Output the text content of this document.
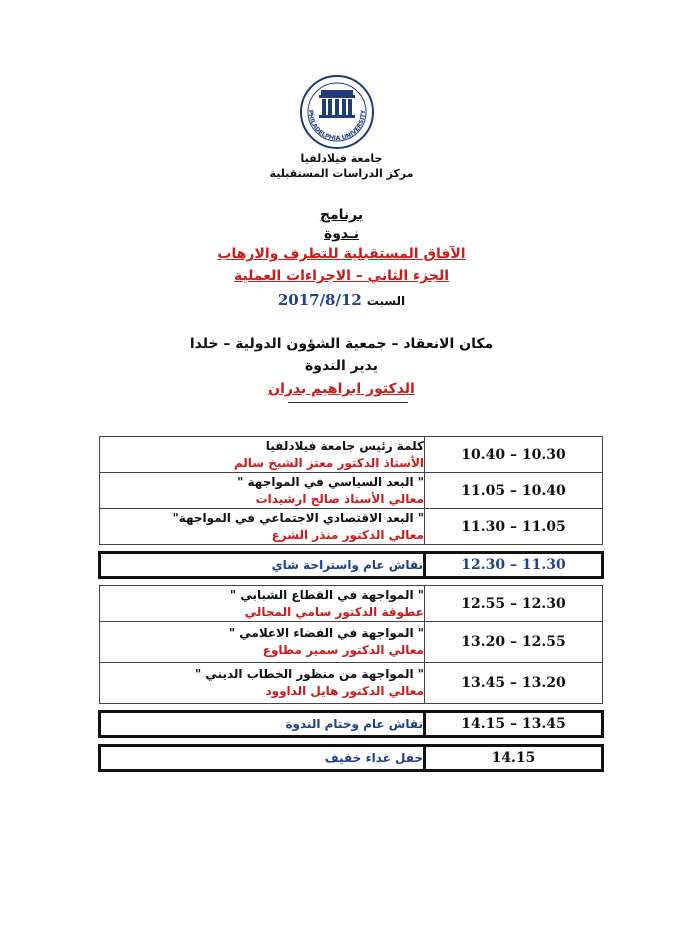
PHILADELPHIA UNIVERSITY
جامعة فيلادلفيا
مركز الدراسات المستقبلية
برنامج
نـدوة
الآفاق المستقبلية للتطرف والارهاب
الجزء الثاني – الاجراءات العملية
السبت 2017/8/12
مكان الانعقاد – جمعية الشؤون الدولية – خلدا
يدير الندوة
الدكتور ابراهيم بدران
كلمة رئيس جامعة فيلادلفيا
الأستاذ الدكتور معتز الشيخ سالم	10.40 – 10.30

" البعد السياسي في المواجهة "
معالي الأستاذ صالح ارشيدات	11.05 – 10.40

" البعد الاقتصادي الاجتماعي في المواجهة"
معالي الدكتور منذر الشرع	11.30 – 11.05

نقاش عام واستراحة شاي	12.30 – 11.30

" المواجهة في القطاع الشبابي "
عطوفة الدكتور سامي المجالي	12.55 – 12.30

" المواجهة في الفضاء الاعلامي "
معالي الدكتور سمير مطاوع	13.20 – 12.55

" المواجهة من منظور الخطاب الديني "
معالي الدكتور هايل الداوود	13.45 – 13.20

نقاش عام وختام الندوة	14.15 – 13.45

حفل غداء خفيف	14.15
